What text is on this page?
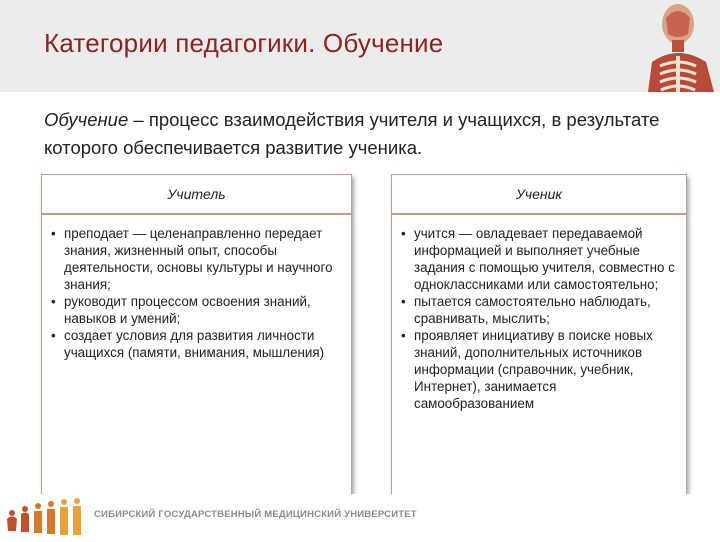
Категории педагогики. Обучение
Обучение – процесс взаимодействия учителя и учащихся, в результате которого обеспечивается развитие ученика.
Учитель
• преподает — целенаправленно передает знания, жизненный опыт, способы деятельности, основы культуры и научного знания;
• руководит процессом освоения знаний, навыков и умений;
• создает условия для развития личности учащихся (памяти, внимания, мышления)
Ученик
• учится — овладевает передаваемой информацией и выполняет учебные задания с помощью учителя, совместно с одноклассниками или самостоятельно;
• пытается самостоятельно наблюдать, сравнивать, мыслить;
• проявляет инициативу в поиске новых знаний, дополнительных источников информации (справочник, учебник, Интернет), занимается самообразованием
СИБИРСКИЙ ГОСУДАРСТВЕННЫЙ МЕДИЦИНСКИЙ УНИВЕРСИТЕТ
